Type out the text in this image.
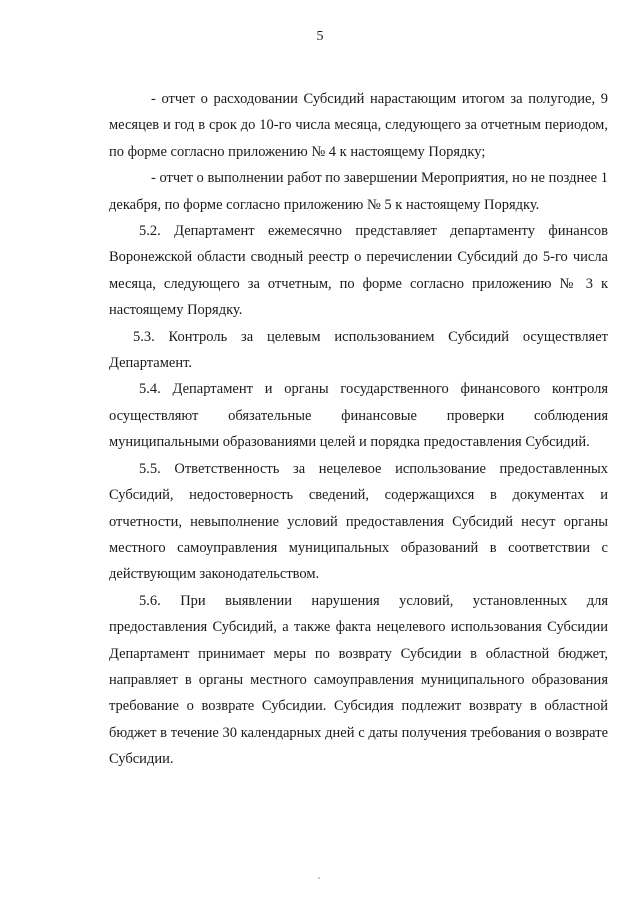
5

- отчет о расходовании Субсидий нарастающим итогом за полугодие, 9 месяцев и год в срок до 10-го числа месяца, следующего за отчетным периодом, по форме согласно приложению № 4 к настоящему Порядку;

- отчет о выполнении работ по завершении Мероприятия, но не позднее 1 декабря, по форме согласно приложению № 5 к настоящему Порядку.

5.2. Департамент ежемесячно представляет департаменту финансов Воронежской области сводный реестр о перечислении Субсидий до 5-го числа месяца, следующего за отчетным, по форме согласно приложению № 3 к настоящему Порядку.

5.3. Контроль за целевым использованием Субсидий осуществляет Департамент.

5.4. Департамент и органы государственного финансового контроля осуществляют обязательные финансовые проверки соблюдения муниципальными образованиями целей и порядка предоставления Субсидий.

5.5. Ответственность за нецелевое использование предоставленных Субсидий, недостоверность сведений, содержащихся в документах и отчетности, невыполнение условий предоставления Субсидий несут органы местного самоуправления муниципальных образований в соответствии с действующим законодательством.

5.6. При выявлении нарушения условий, установленных для предоставления Субсидий, а также факта нецелевого использования Субсидии Департамент принимает меры по возврату Субсидии в областной бюджет, направляет в органы местного самоуправления муниципального образования требование о возврате Субсидии. Субсидия подлежит возврату в областной бюджет в течение 30 календарных дней с даты получения требования о возврате Субсидии.
